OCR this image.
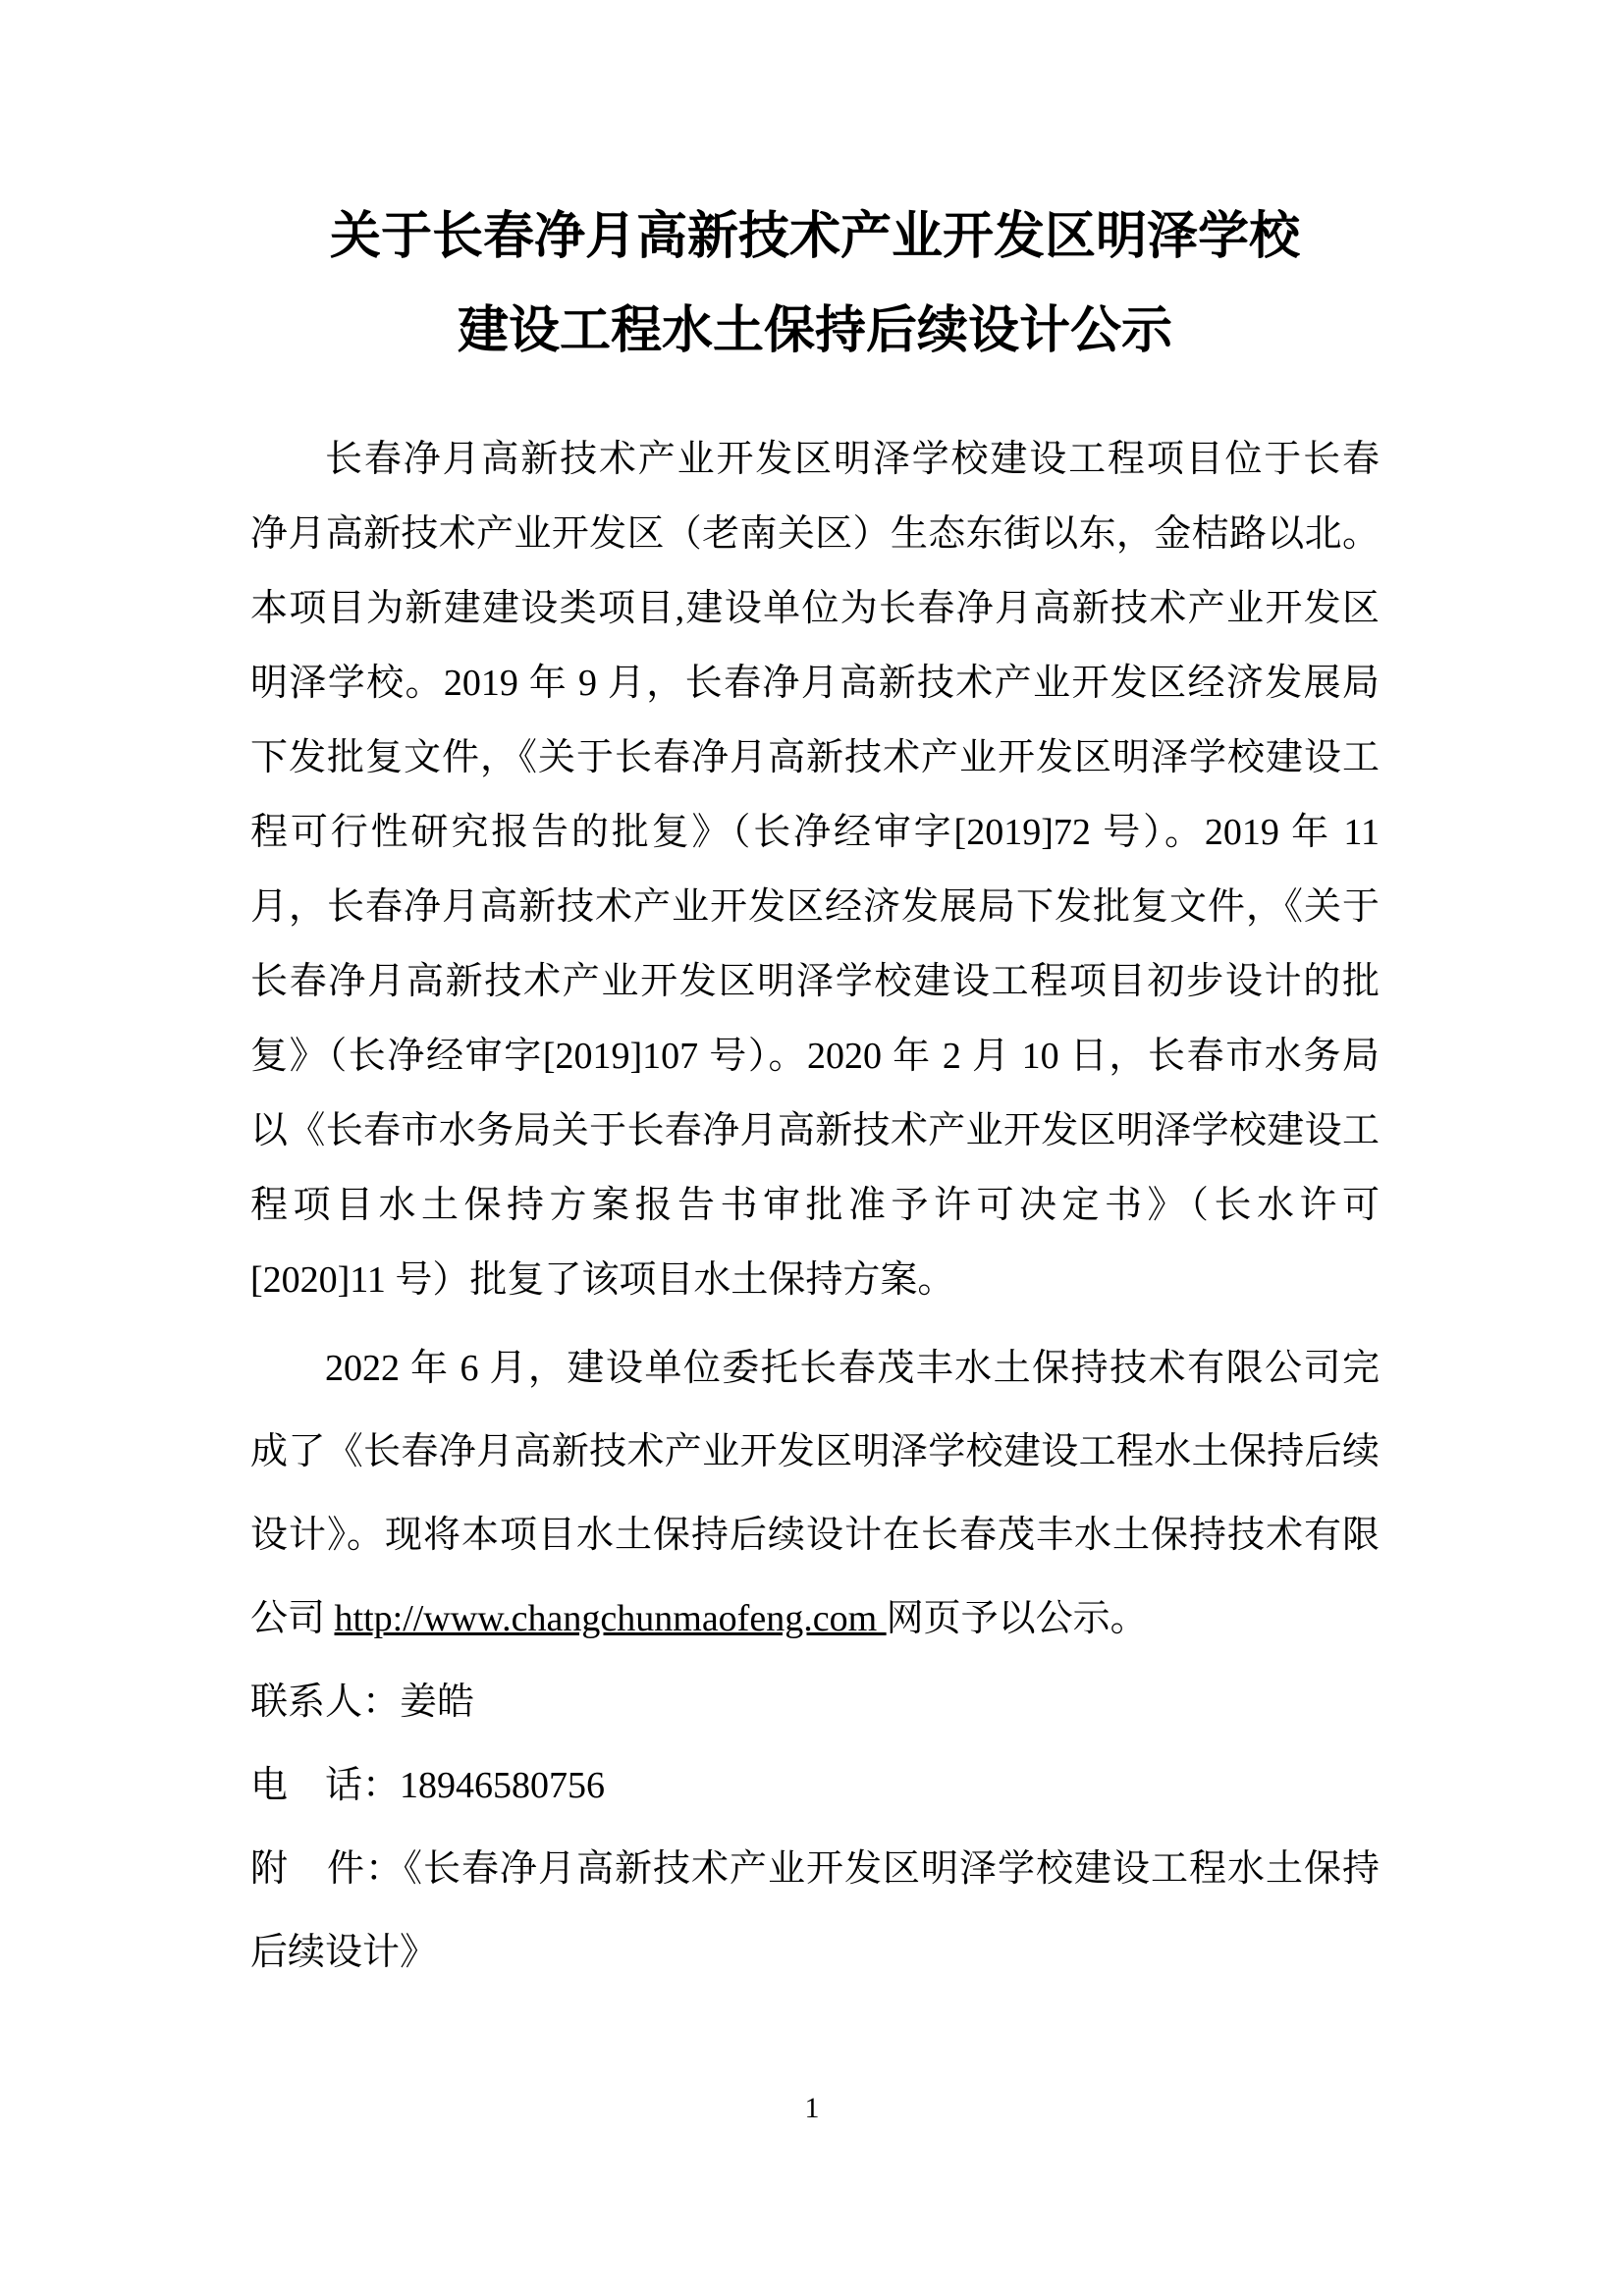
关于长春净月高新技术产业开发区明泽学校
建设工程水土保持后续设计公示
长春净月高新技术产业开发区明泽学校建设工程项目位于长春
净月高新技术产业开发区（老南关区）生态东街以东，金桔路以北。
本项目为新建建设类项目,建设单位为长春净月高新技术产业开发区
明泽学校。2019 年 9 月，长春净月高新技术产业开发区经济发展局
下发批复文件，《关于长春净月高新技术产业开发区明泽学校建设工
程可行性研究报告的批复》（长净经审字[2019]72 号）。2019 年 11
月，长春净月高新技术产业开发区经济发展局下发批复文件，《关于
长春净月高新技术产业开发区明泽学校建设工程项目初步设计的批
复》（长净经审字[2019]107 号）。2020 年 2 月 10 日，长春市水务局
以《长春市水务局关于长春净月高新技术产业开发区明泽学校建设工
程项目水土保持方案报告书审批准予许可决定书》（长水许可
[2020]11 号）批复了该项目水土保持方案。
2022 年 6 月，建设单位委托长春茂丰水土保持技术有限公司完
成了《长春净月高新技术产业开发区明泽学校建设工程水土保持后续
设计》。现将本项目水土保持后续设计在长春茂丰水土保持技术有限
公司 http://www.changchunmaofeng.com 网页予以公示。
联系人：姜皓
电　话：18946580756
附　件：《长春净月高新技术产业开发区明泽学校建设工程水土保持
后续设计》
1
